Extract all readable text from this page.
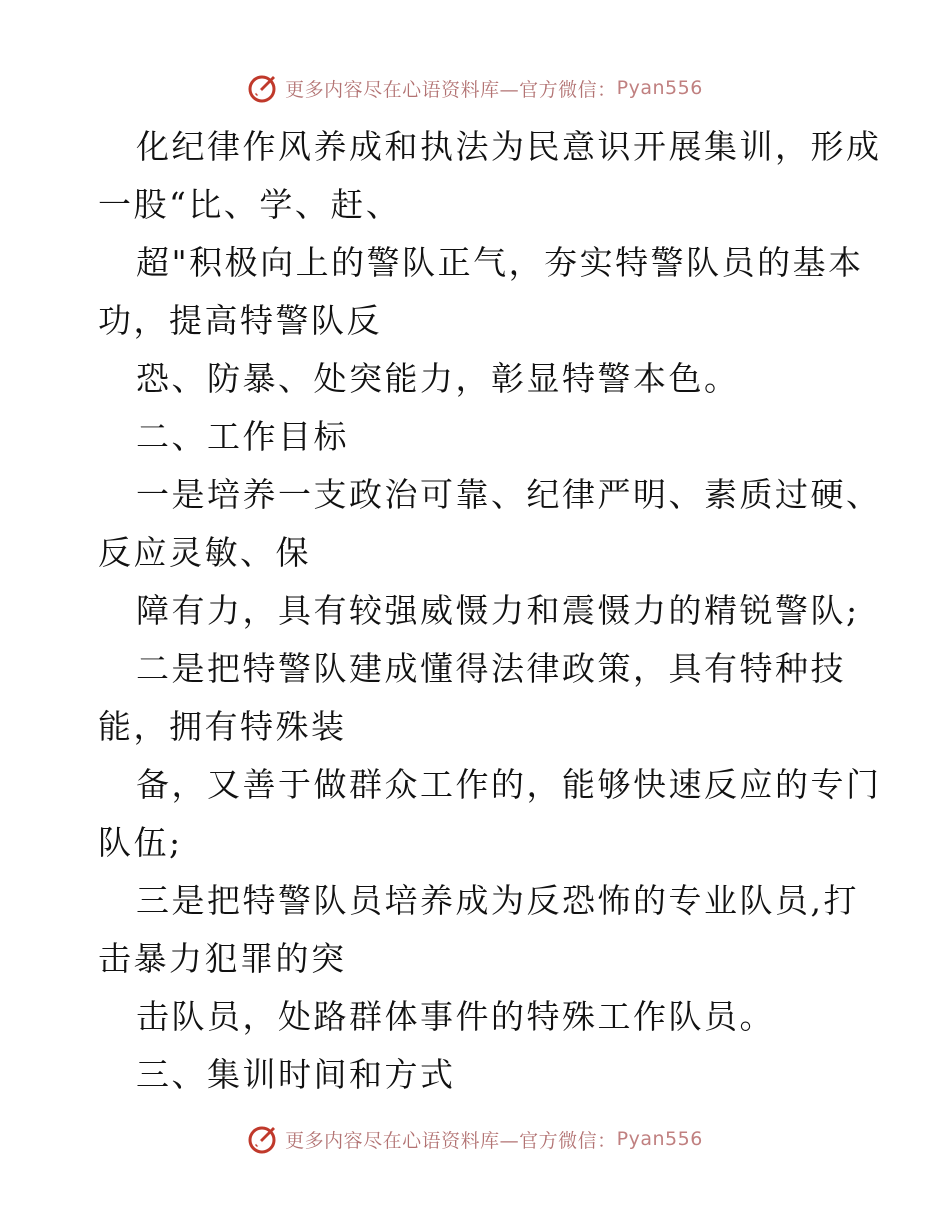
更多内容尽在心语资料库—官方微信： Pyan556
化纪律作风养成和执法为民意识开展集训，形成
一股“比、学、赶、
超"积极向上的警队正气，夯实特警队员的基本
功，提高特警队反
恐、防暴、处突能力，彰显特警本色。
二、工作目标
一是培养一支政治可靠、纪律严明、素质过硬、
反应灵敏、保
障有力，具有较强威慑力和震慑力的精锐警队;
二是把特警队建成懂得法律政策，具有特种技
能，拥有特殊装
备，又善于做群众工作的，能够快速反应的专门
队伍;
三是把特警队员培养成为反恐怖的专业队员,打
击暴力犯罪的突
击队员，处路群体事件的特殊工作队员。
三、集训时间和方式
更多内容尽在心语资料库—官方微信： Pyan556
